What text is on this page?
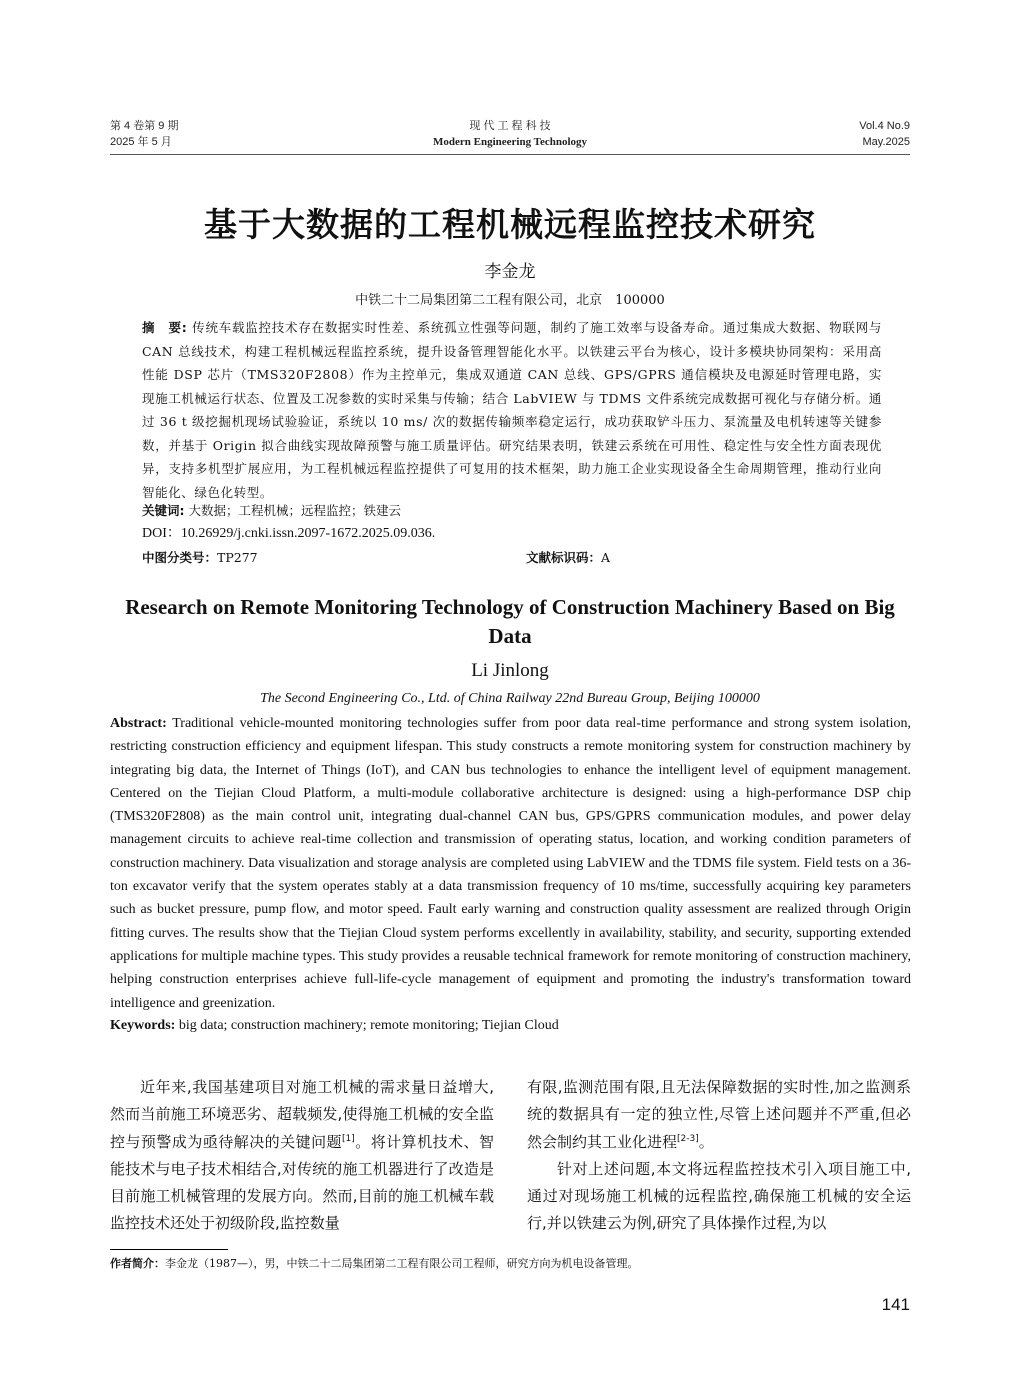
第 4 卷第 9 期
2025 年 5 月
现 代 工 程 科 技
Modern Engineering Technology
Vol.4 No.9
May.2025
基于大数据的工程机械远程监控技术研究
李金龙
中铁二十二局集团第二工程有限公司，北京　100000
摘　要: 传统车载监控技术存在数据实时性差、系统孤立性强等问题，制约了施工效率与设备寿命。通过集成大数据、物联网与 CAN 总线技术，构建工程机械远程监控系统，提升设备管理智能化水平。以铁建云平台为核心，设计多模块协同架构：采用高性能 DSP 芯片（TMS320F2808）作为主控单元，集成双通道 CAN 总线、GPS/GPRS 通信模块及电源延时管理电路，实现施工机械运行状态、位置及工况参数的实时采集与传输；结合 LabVIEW 与 TDMS 文件系统完成数据可视化与存储分析。通过 36 t 级挖掘机现场试验验证，系统以 10 ms/ 次的数据传输频率稳定运行，成功获取铲斗压力、泵流量及电机转速等关键参数，并基于 Origin 拟合曲线实现故障预警与施工质量评估。研究结果表明，铁建云系统在可用性、稳定性与安全性方面表现优异，支持多机型扩展应用，为工程机械远程监控提供了可复用的技术框架，助力施工企业实现设备全生命周期管理，推动行业向智能化、绿色化转型。
关键词: 大数据；工程机械；远程监控；铁建云
DOI：10.26929/j.cnki.issn.2097-1672.2025.09.036.
中图分类号：TP277	文献标识码：A
Research on Remote Monitoring Technology of Construction Machinery Based on Big Data
Li Jinlong
The Second Engineering Co., Ltd. of China Railway 22nd Bureau Group, Beijing 100000
Abstract: Traditional vehicle-mounted monitoring technologies suffer from poor data real-time performance and strong system isolation, restricting construction efficiency and equipment lifespan. This study constructs a remote monitoring system for construction machinery by integrating big data, the Internet of Things (IoT), and CAN bus technologies to enhance the intelligent level of equipment management. Centered on the Tiejian Cloud Platform, a multi-module collaborative architecture is designed: using a high-performance DSP chip (TMS320F2808) as the main control unit, integrating dual-channel CAN bus, GPS/GPRS communication modules, and power delay management circuits to achieve real-time collection and transmission of operating status, location, and working condition parameters of construction machinery. Data visualization and storage analysis are completed using LabVIEW and the TDMS file system. Field tests on a 36-ton excavator verify that the system operates stably at a data transmission frequency of 10 ms/time, successfully acquiring key parameters such as bucket pressure, pump flow, and motor speed. Fault early warning and construction quality assessment are realized through Origin fitting curves. The results show that the Tiejian Cloud system performs excellently in availability, stability, and security, supporting extended applications for multiple machine types. This study provides a reusable technical framework for remote monitoring of construction machinery, helping construction enterprises achieve full-life-cycle management of equipment and promoting the industry's transformation toward intelligence and greenization.
Keywords: big data; construction machinery; remote monitoring; Tiejian Cloud

近年来,我国基建项目对施工机械的需求量日益增大,然而当前施工环境恶劣、超载频发,使得施工机械的安全监控与预警成为亟待解决的关键问题[1]。将计算机技术、智能技术与电子技术相结合,对传统的施工机器进行了改造是目前施工机械管理的发展方向。然而,目前的施工机械车载监控技术还处于初级阶段,监控数量

有限,监测范围有限,且无法保障数据的实时性,加之监测系统的数据具有一定的独立性,尽管上述问题并不严重,但必然会制约其工业化进程[2-3]。

针对上述问题,本文将远程监控技术引入项目施工中,通过对现场施工机械的远程监控,确保施工机械的安全运行,并以铁建云为例,研究了具体操作过程,为以

作者简介：李金龙（1987—），男，中铁二十二局集团第二工程有限公司工程师，研究方向为机电设备管理。
141
